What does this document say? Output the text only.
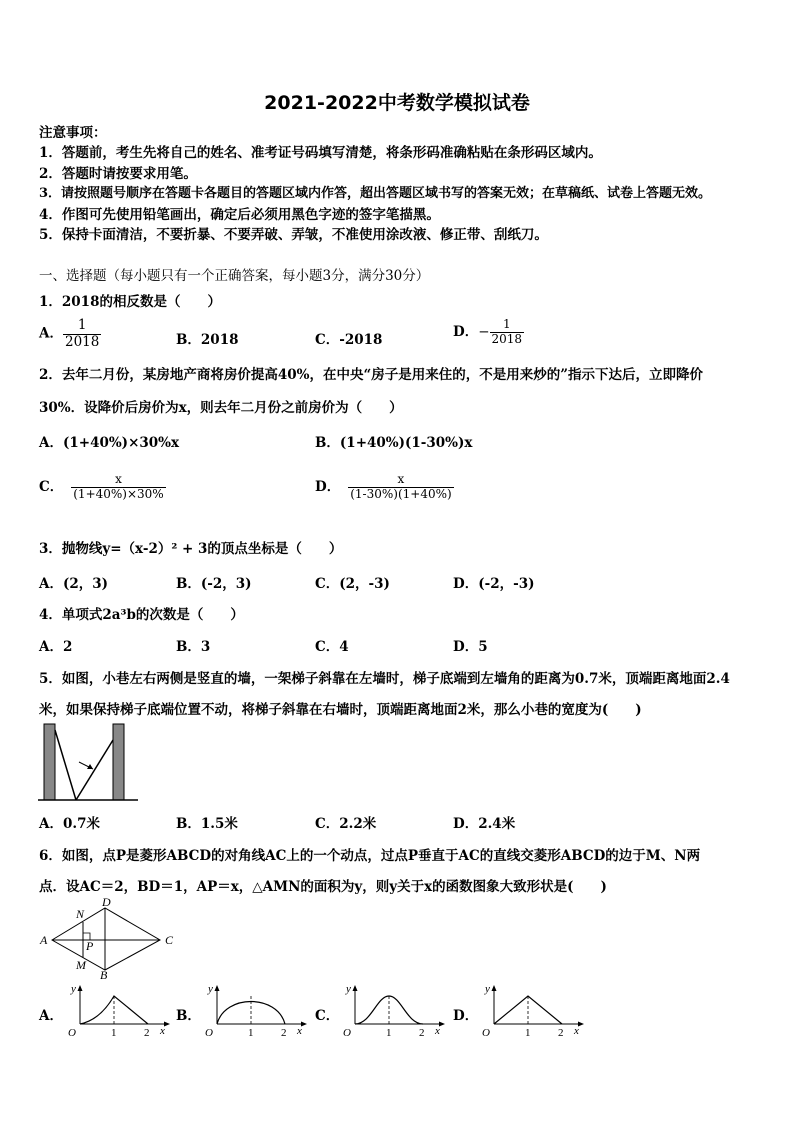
2021-2022中考数学模拟试卷
注意事项：
1．答题前，考生先将自己的姓名、准考证号码填写清楚，将条形码准确粘贴在条形码区域内。
2．答题时请按要求用笔。
3．请按照题号顺序在答题卡各题目的答题区域内作答，超出答题区域书写的答案无效；在草稿纸、试卷上答题无效。
4．作图可先使用铅笔画出，确定后必须用黑色字迹的签字笔描黑。
5．保持卡面清洁，不要折暴、不要弄破、弄皱，不准使用涂改液、修正带、刮纸刀。
一、选择题（每小题只有一个正确答案，每小题3分，满分30分）
1．2018的相反数是（　　）
A． $\frac{1}{2018}$	B．2018	C．-2018
D．− $\frac{1}{2018}$
2．去年二月份，某房地产商将房价提高40%，在中央“房子是用来住的，不是用来炒的”指示下达后，立即降价
30%．设降价后房价为x，则去年二月份之前房价为（　　）
A．(1+40%)×30%x	B．(1+40%)(1-30%)x
C． $\frac{x}{(1+40\%)\times 30\%}$	D． $\frac{x}{(1-30\%)(1+40\%)}$
3．抛物线y=（x-2）² + 3的顶点坐标是（　　）
A．(2，3)	B．(-2，3)	C．(2，-3)	D．(-2，-3)
4．单项式2a³b的次数是（　　）
A．2	B．3	C．4	D．5
5．如图，小巷左右两侧是竖直的墙，一架梯子斜靠在左墙时，梯子底端到左墙角的距离为0.7米，顶端距离地面2.4
米，如果保持梯子底端位置不动，将梯子斜靠在右墙时，顶端距离地面2米，那么小巷的宽度为(　　)
A．0.7米	B．1.5米	C．2.2米	D．2.4米
6．如图，点P是菱形ABCD的对角线AC上的一个动点，过点P垂直于AC的直线交菱形ABCD的边于M、N两
点．设AC＝2，BD＝1，AP＝x，△AMN的面积为y，则y关于x的函数图象大致形状是(　　)
A
D
C
B
N
P
M
A．	B．	C．	D．
y
O	1	2 x
y
O	1	2 x
y
O	1	2 x
y
O	1	2 x
